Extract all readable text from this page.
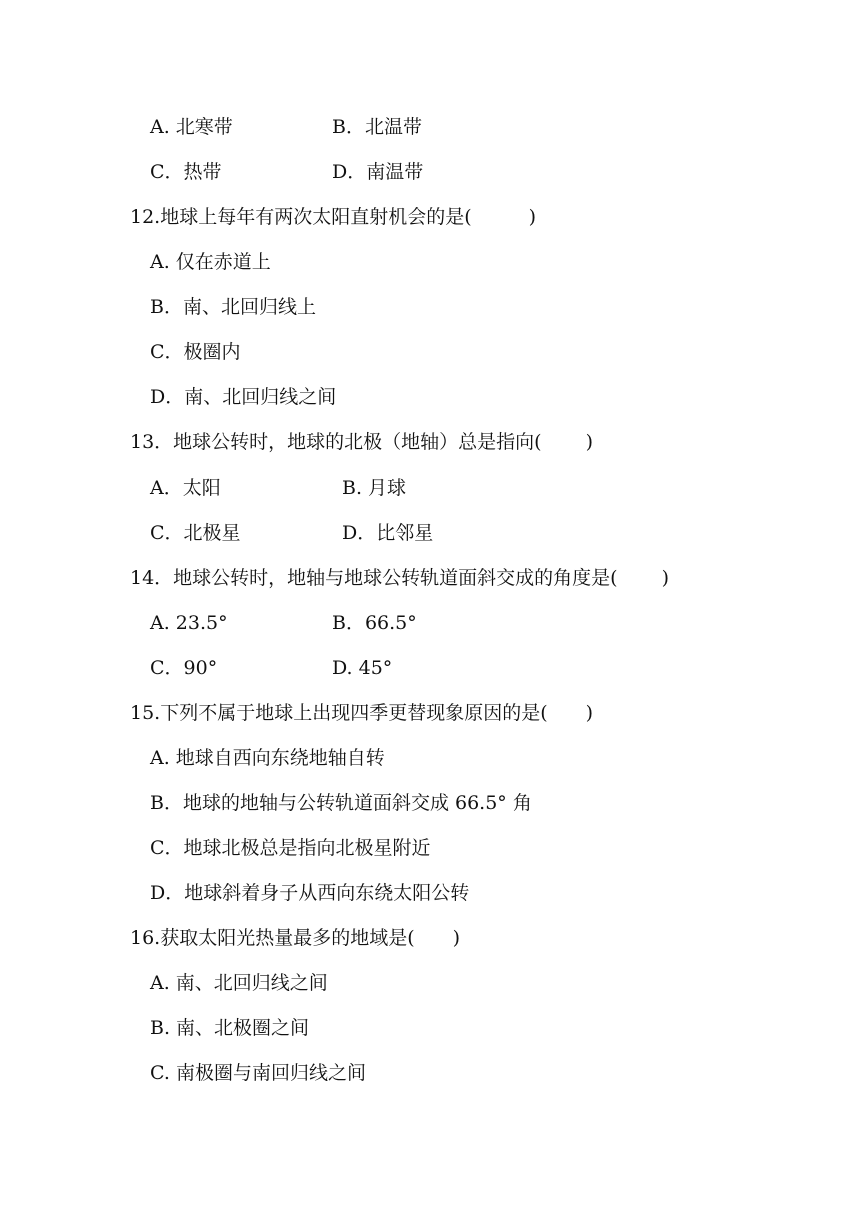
A. 北寒带	B．北温带
C．热带	D．南温带
12.地球上每年有两次太阳直射机会的是(　　　)
A. 仅在赤道上
B．南、北回归线上
C．极圈内
D．南、北回归线之间
13．地球公转时，地球的北极（地轴）总是指向(　　 )
A．太阳	B. 月球
C．北极星	D．比邻星
14．地球公转时，地轴与地球公转轨道面斜交成的角度是(　　 )
A. 23.5°	B．66.5°
C．90°	D. 45°
15.下列不属于地球上出现四季更替现象原因的是(　　)
A. 地球自西向东绕地轴自转
B．地球的地轴与公转轨道面斜交成 66.5° 角
C．地球北极总是指向北极星附近
D．地球斜着身子从西向东绕太阳公转
16.获取太阳光热量最多的地域是(　　)
A. 南、北回归线之间
B. 南、北极圈之间
C. 南极圈与南回归线之间
